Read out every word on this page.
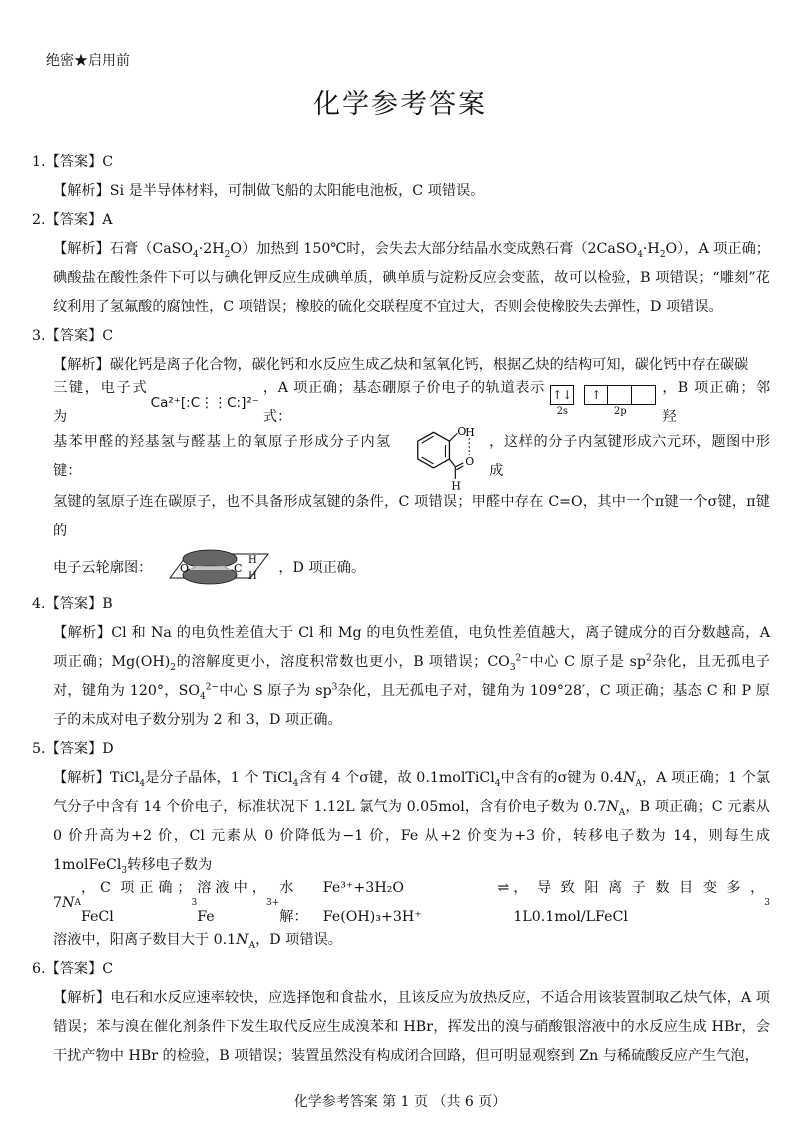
绝密★启用前
化学参考答案

1.【答案】C

【解析】Si 是半导体材料，可制做飞船的太阳能电池板，C 项错误。

2.【答案】A

【解析】石膏$(CaSO_4\cdot 2H_2O)$加热到 150℃时，会失去大部分结晶水变成熟石膏$(2CaSO_4\cdot H_2O)$，A 项正确；碘酸盐在酸性条件下可以与碘化钾反应生成碘单质，碘单质与淀粉反应会变蓝，故可以检验，B 项错误；“雕刻”花纹利用了氢氟酸的腐蚀性，C 项错误；橡胶的硫化交联程度不宜过大，否则会使橡胶失去弹性，D 项错误。

3.【答案】C

【解析】碳化钙是离子化合物，碳化钙和水反应生成乙炔和氢氧化钙，根据乙炔的结构可知，碳化钙中存在碳碳
三键，电子式为
Ca²⁺[:C⋮⋮C:]²⁻
，A 项正确；基态硼原子价电子的轨道表示式：
↑↓
2s
↑
2p
，B 项正确；邻羟
基苯甲醛的羟基氢与醛基上的氧原子形成分子内氢键：
O
H
O
H
，这样的分子内氢键形成六元环，题图中形成
氢键的氢原子连在碳原子，也不具备形成氢键的条件，C 项错误；甲醛中存在 C=O，其中一个π键一个σ键，π键的
电子云轮廓图：	O	C
H
H
，D 项正确。

4.【答案】B

【解析】Cl 和 Na 的电负性差值大于 Cl 和 Mg 的电负性差值，电负性差值越大，离子键成分的百分数越高，A 项正确；$Mg(OH)_2$的溶解度更小，溶度积常数也更小，B 项错误；$CO_3^{2-}$中心 C 原子是 $sp^2$杂化，且无孤电子对，键角为 120°，$SO_4^{2-}$中心 S 原子为 $sp^3$杂化，且无孤电子对，键角为 109°28′，C 项正确；基态 C 和 P 原子的未成对电子数分别为 2 和 3，D 项正确。

5.【答案】D

【解析】TiCl$_4$是分子晶体，1 个 TiCl$_4$含有 4 个σ键，故 0.1molTiCl$_4$中含有的σ键为 $0.4N_A$，A 项正确；1 个氯气分子中含有 14 个价电子，标准状况下 1.12L 氯气为 0.05mol，含有价电子数为 $0.7N_A$，B 项正确；C 元素从 0 价升高为+2 价，Cl 元素从 0 价降低为−1 价，Fe 从+2 价变为+3 价，转移电子数为 14，则每生成 1molFeCl$_3$转移电子数为
7 N A
，C 项正确；FeCl
3
溶液中，Fe
3+
水解：
Fe³⁺+3H₂O	⇌ Fe(OH)₃+3H⁺
，导致阳离子数目变多，1L0.1mol/LFeCl
3
溶液中，阳离子数目大于 $0.1N_A$，D 项错误。

6.【答案】C

【解析】电石和水反应速率较快，应选择饱和食盐水，且该反应为放热反应，不适合用该装置制取乙炔气体，A 项错误；苯与溴在催化剂条件下发生取代反应生成溴苯和 HBr，挥发出的溴与硝酸银溶液中的水反应生成 HBr，会干扰产物中 HBr 的检验，B 项错误；装置虽然没有构成闭合回路，但可明显观察到 Zn 与稀硫酸反应产生气泡，

化学参考答案 第 1 页 （共 6 页）
